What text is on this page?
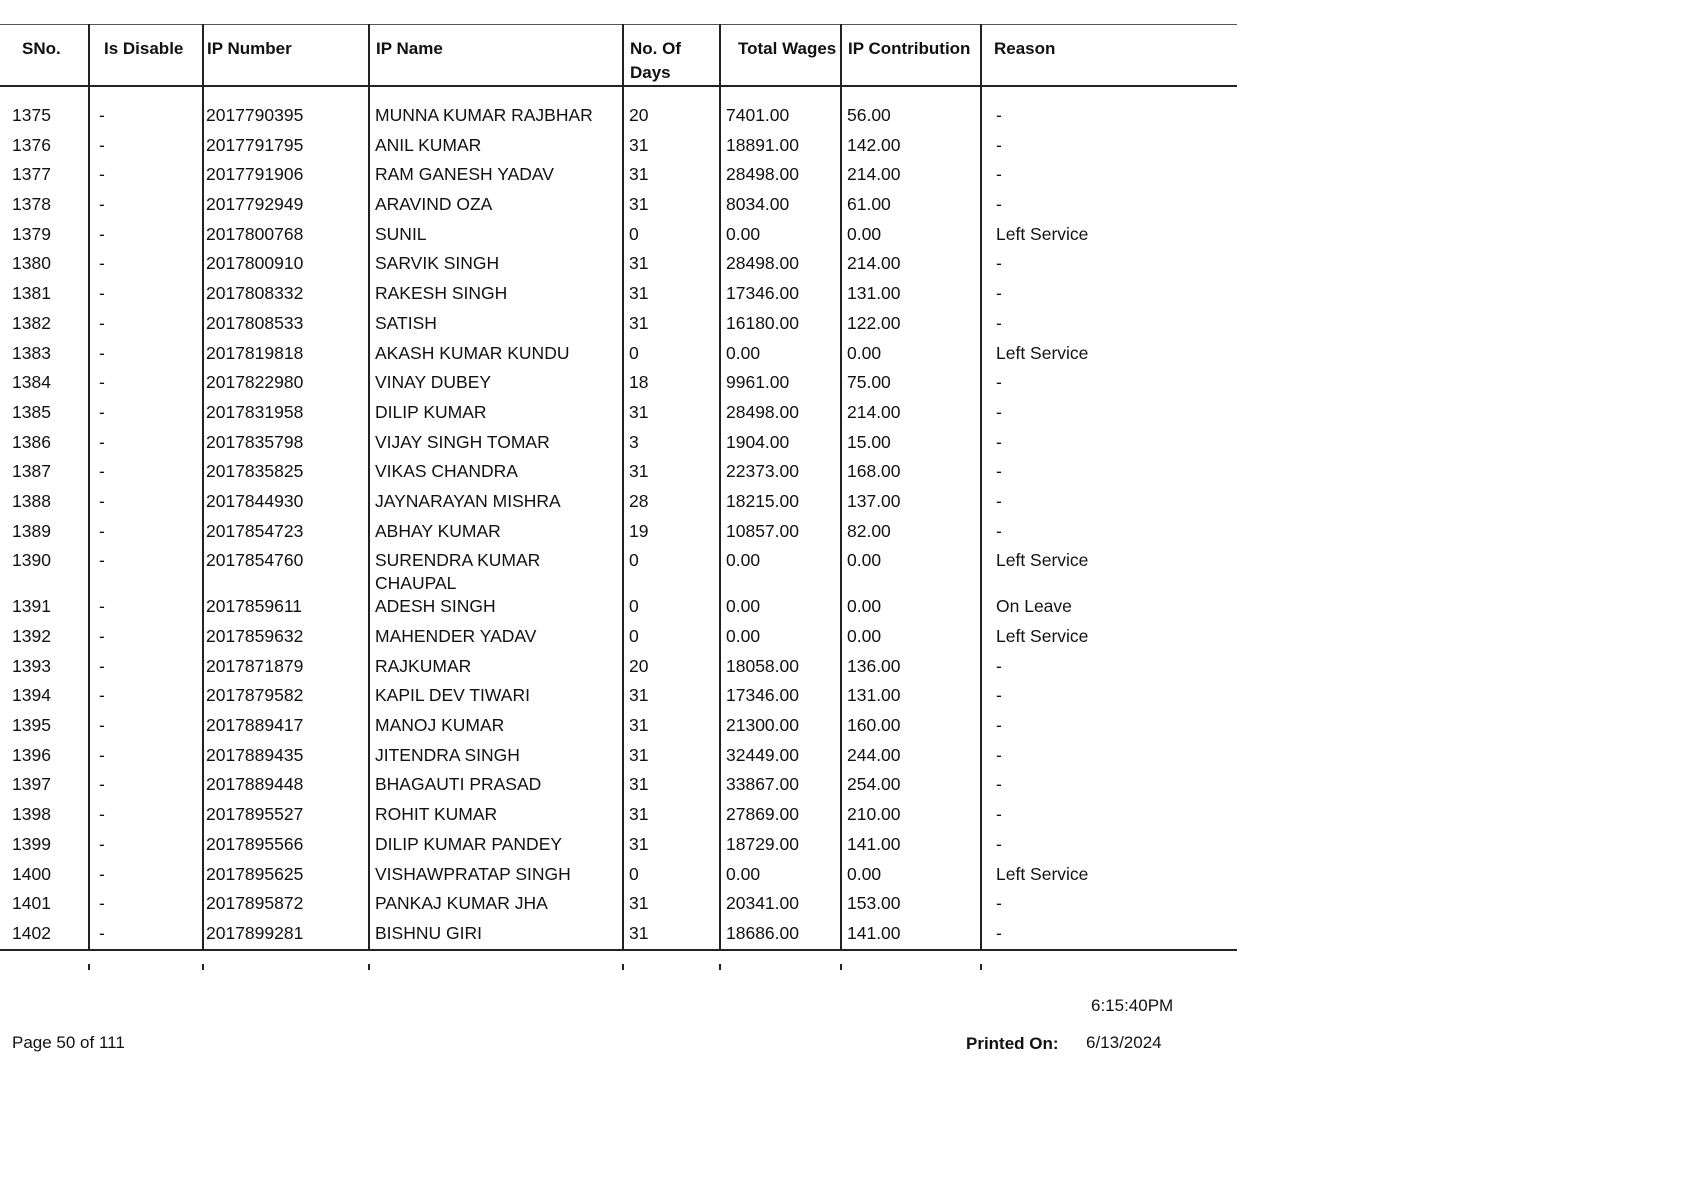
SNo.	Is Disable	IP Number	IP Name	No. Of Days	Total Wages	IP Contribution	Reason

1375	-	2017790395	MUNNA KUMAR RAJBHAR	20	7401.00	56.00	-
1376	-	2017791795	ANIL KUMAR	31	18891.00	142.00	-
1377	-	2017791906	RAM GANESH YADAV	31	28498.00	214.00	-
1378	-	2017792949	ARAVIND OZA	31	8034.00	61.00	-
1379	-	2017800768	SUNIL	0	0.00	0.00	Left Service
1380	-	2017800910	SARVIK SINGH	31	28498.00	214.00	-
1381	-	2017808332	RAKESH SINGH	31	17346.00	131.00	-
1382	-	2017808533	SATISH	31	16180.00	122.00	-
1383	-	2017819818	AKASH KUMAR KUNDU	0	0.00	0.00	Left Service
1384	-	2017822980	VINAY DUBEY	18	9961.00	75.00	-
1385	-	2017831958	DILIP KUMAR	31	28498.00	214.00	-
1386	-	2017835798	VIJAY SINGH TOMAR	3	1904.00	15.00	-
1387	-	2017835825	VIKAS CHANDRA	31	22373.00	168.00	-
1388	-	2017844930	JAYNARAYAN MISHRA	28	18215.00	137.00	-
1389	-	2017854723	ABHAY KUMAR	19	10857.00	82.00	-
1390	-	2017854760	SURENDRA KUMAR CHAUPAL	0	0.00	0.00	Left Service
1391	-	2017859611	ADESH SINGH	0	0.00	0.00	On Leave
1392	-	2017859632	MAHENDER YADAV	0	0.00	0.00	Left Service
1393	-	2017871879	RAJKUMAR	20	18058.00	136.00	-
1394	-	2017879582	KAPIL DEV TIWARI	31	17346.00	131.00	-
1395	-	2017889417	MANOJ KUMAR	31	21300.00	160.00	-
1396	-	2017889435	JITENDRA SINGH	31	32449.00	244.00	-
1397	-	2017889448	BHAGAUTI PRASAD	31	33867.00	254.00	-
1398	-	2017895527	ROHIT KUMAR	31	27869.00	210.00	-
1399	-	2017895566	DILIP KUMAR PANDEY	31	18729.00	141.00	-
1400	-	2017895625	VISHAWPRATAP SINGH	0	0.00	0.00	Left Service
1401	-	2017895872	PANKAJ KUMAR JHA	31	20341.00	153.00	-
1402	-	2017899281	BISHNU GIRI	31	18686.00	141.00	-
6:15:40PM
Page 50 of 111	Printed On: 6/13/2024
